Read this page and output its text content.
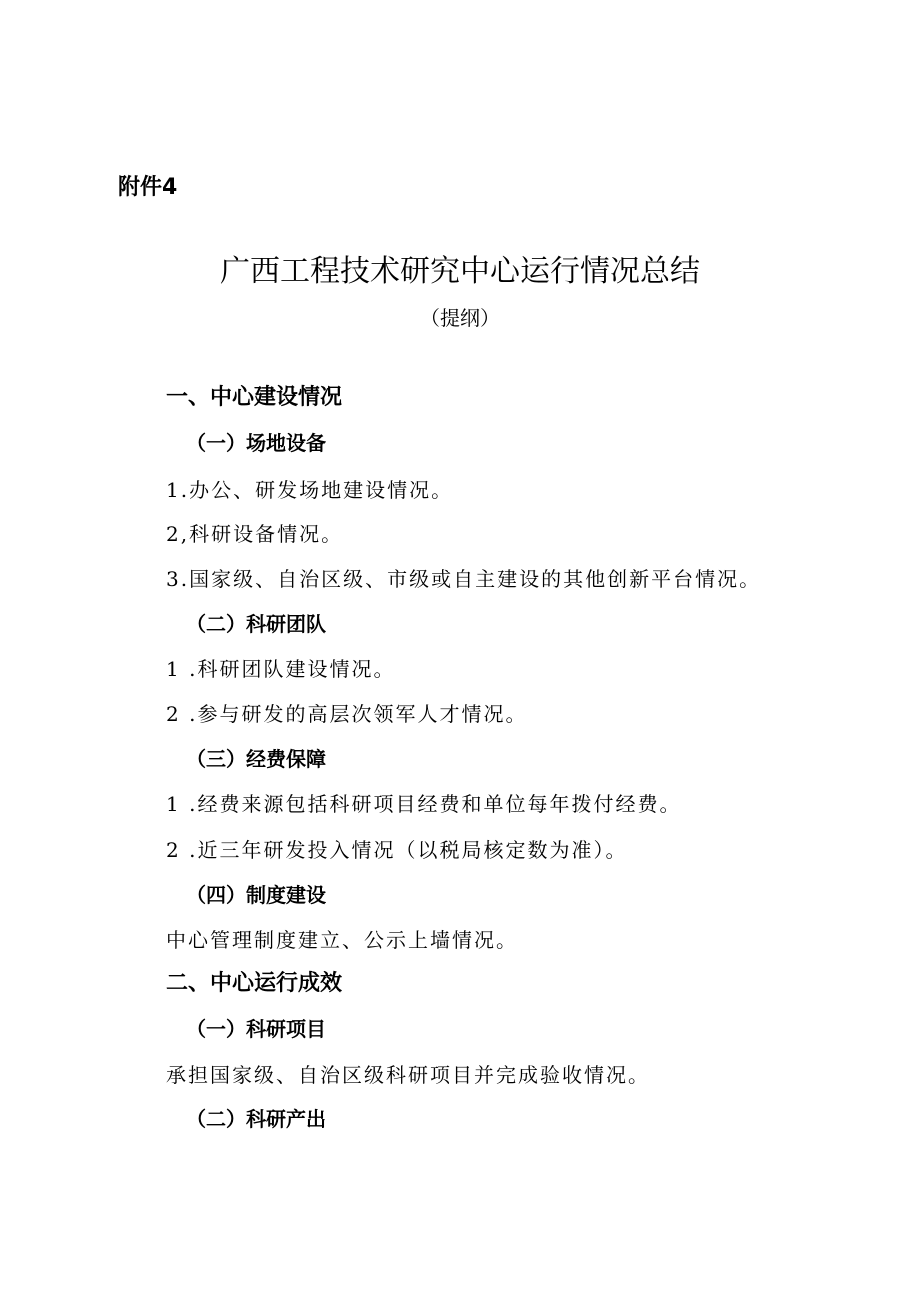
附件4
广西工程技术研究中心运行情况总结
（提纲）
一、中心建设情况
（一）场地设备
1.办公、研发场地建设情况。
2,科研设备情况。
3.国家级、自治区级、市级或自主建设的其他创新平台情况。
（二）科研团队
1 .科研团队建设情况。
2 .参与研发的高层次领军人才情况。
（三）经费保障
1 .经费来源包括科研项目经费和单位每年拨付经费。
2 .近三年研发投入情况（以税局核定数为准）。
（四）制度建设
中心管理制度建立、公示上墙情况。
二、中心运行成效
（一）科研项目
承担国家级、自治区级科研项目并完成验收情况。
（二）科研产出
